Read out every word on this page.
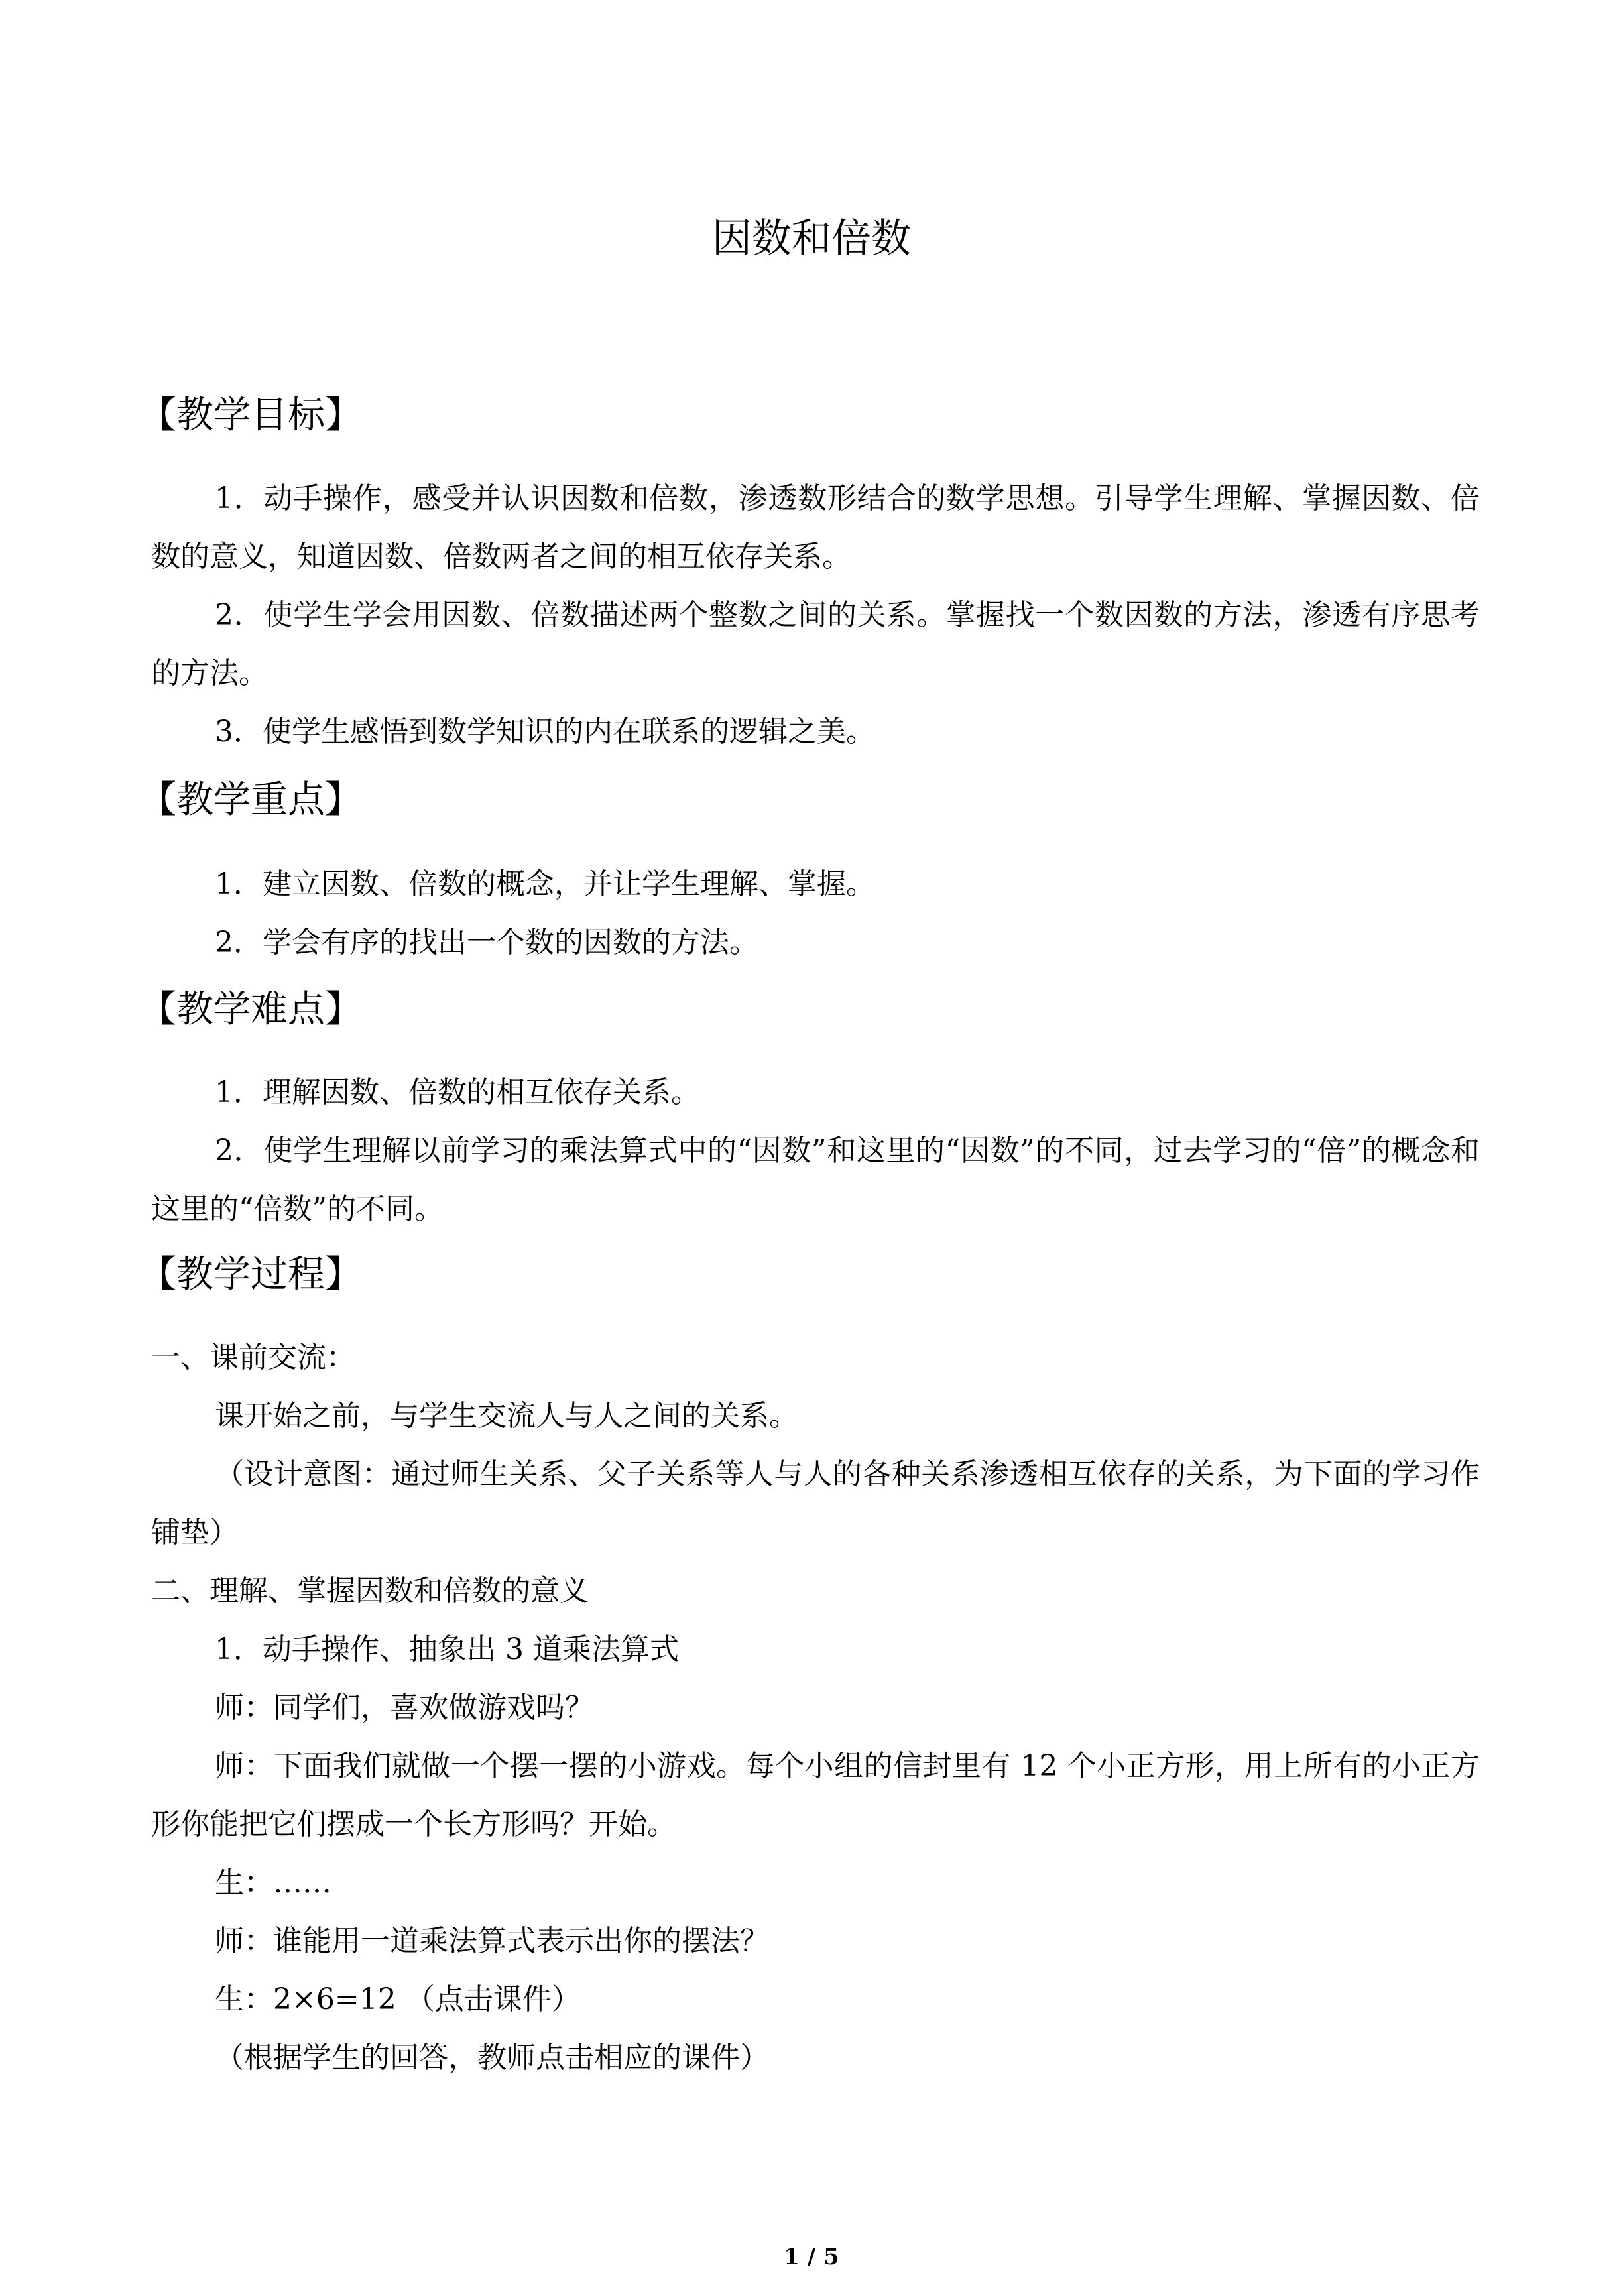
因数和倍数
【教学目标】
1．动手操作，感受并认识因数和倍数，渗透数形结合的数学思想。引导学生理解、掌握因数、倍数的意义，知道因数、倍数两者之间的相互依存关系。
2．使学生学会用因数、倍数描述两个整数之间的关系。掌握找一个数因数的方法，渗透有序思考的方法。
3．使学生感悟到数学知识的内在联系的逻辑之美。
【教学重点】
1．建立因数、倍数的概念，并让学生理解、掌握。
2．学会有序的找出一个数的因数的方法。
【教学难点】
1．理解因数、倍数的相互依存关系。
2．使学生理解以前学习的乘法算式中的“因数”和这里的“因数”的不同，过去学习的“倍”的概念和这里的“倍数”的不同。
【教学过程】
一、课前交流：
课开始之前，与学生交流人与人之间的关系。
（设计意图：通过师生关系、父子关系等人与人的各种关系渗透相互依存的关系，为下面的学习作铺垫）
二、理解、掌握因数和倍数的意义
1．动手操作、抽象出 3 道乘法算式
师：同学们，喜欢做游戏吗？
师：下面我们就做一个摆一摆的小游戏。每个小组的信封里有 12 个小正方形，用上所有的小正方形你能把它们摆成一个长方形吗？开始。
生：……
师：谁能用一道乘法算式表示出你的摆法？
生：2×6=12 （点击课件）
（根据学生的回答，教师点击相应的课件）
1 / 5
